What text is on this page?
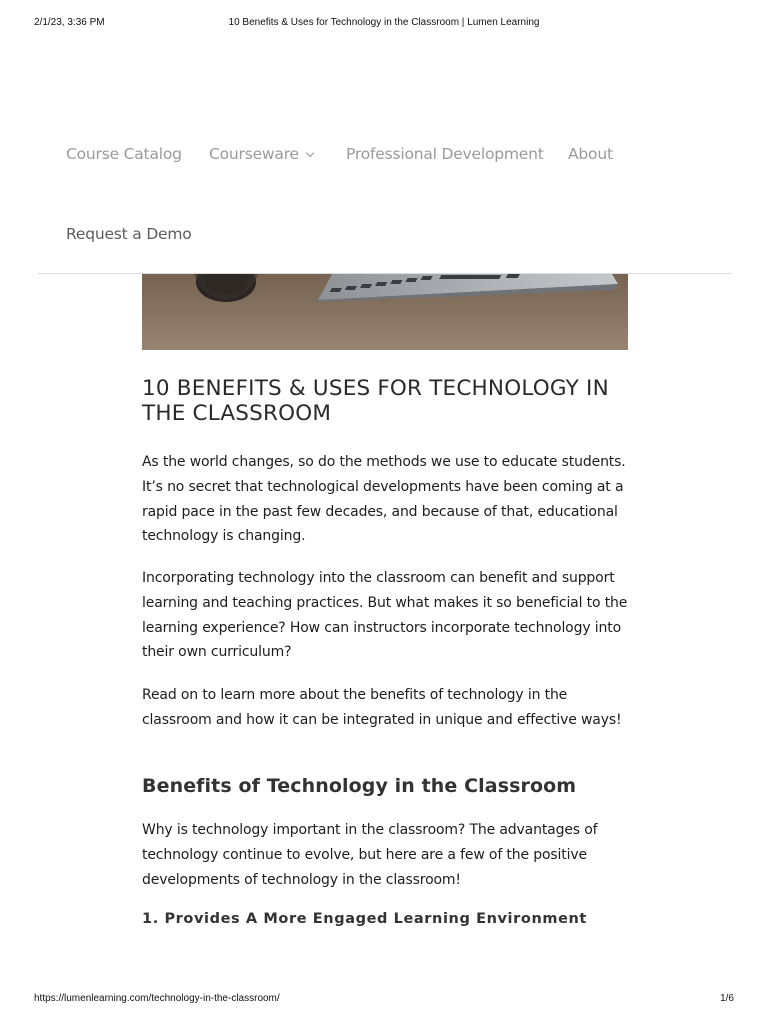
2/1/23, 3:36 PM	10 Benefits & Uses for Technology in the Classroom | Lumen Learning
Course Catalog Courseware	Professional Development About
Request a Demo
10 BENEFITS & USES FOR TECHNOLOGY IN THE CLASSROOM

As the world changes, so do the methods we use to educate students. It’s no secret that technological developments have been coming at a rapid pace in the past few decades, and because of that, educational technology is changing.

Incorporating technology into the classroom can benefit and support learning and teaching practices. But what makes it so beneficial to the learning experience? How can instructors incorporate technology into their own curriculum?

Read on to learn more about the benefits of technology in the classroom and how it can be integrated in unique and effective ways!

Benefits of Technology in the Classroom

Why is technology important in the classroom? The advantages of technology continue to evolve, but here are a few of the positive developments of technology in the classroom!

1. Provides A More Engaged Learning Environment
https://lumenlearning.com/technology-in-the-classroom/	1/6
